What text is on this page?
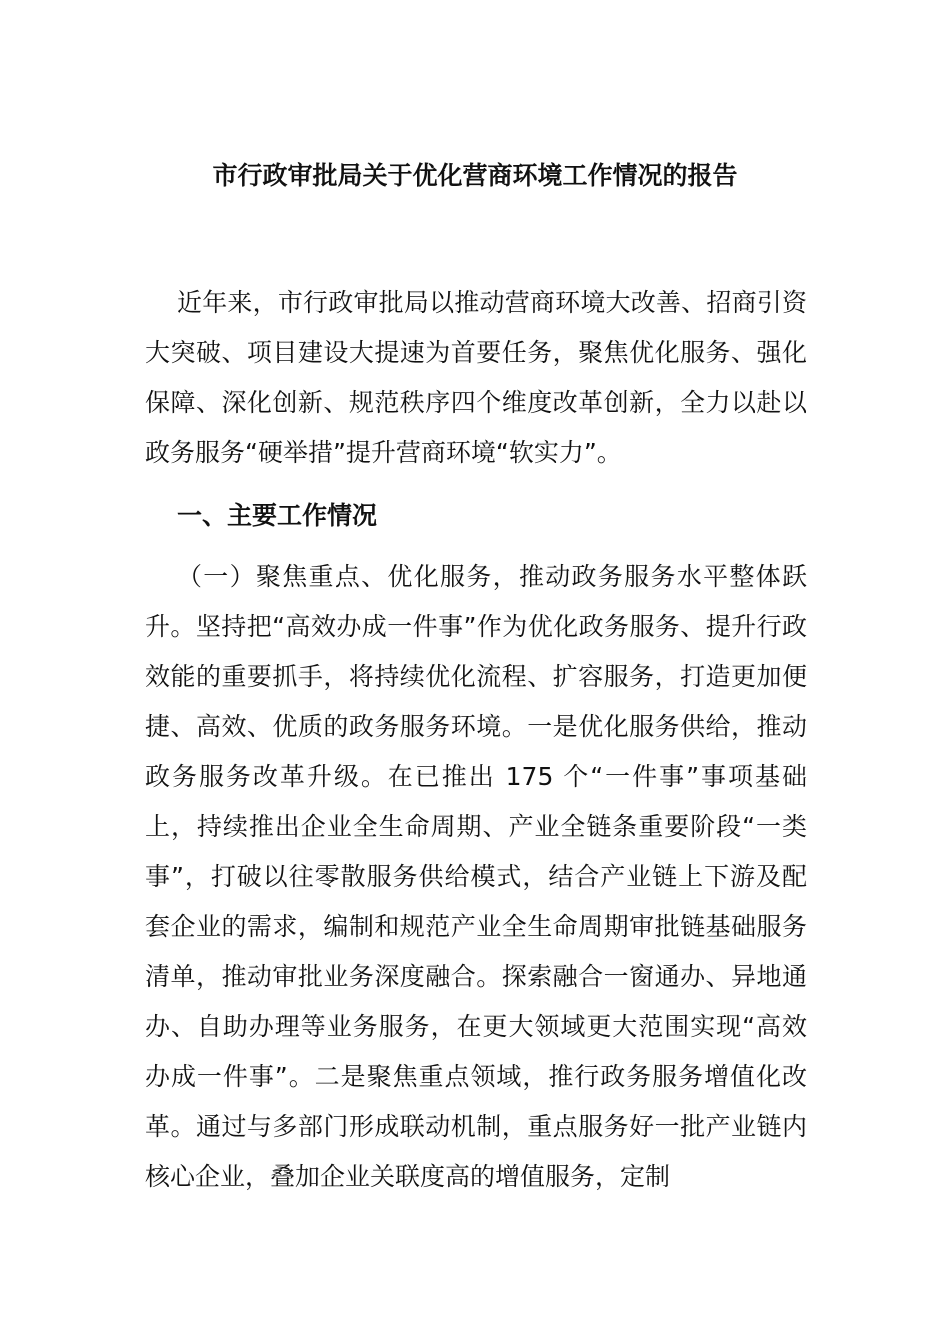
市行政审批局关于优化营商环境工作情况的报告

近年来，市行政审批局以推动营商环境大改善、招商引资大突破、项目建设大提速为首要任务，聚焦优化服务、强化保障、深化创新、规范秩序四个维度改革创新，全力以赴以政务服务“硬举措”提升营商环境“软实力”。

一、主要工作情况

（一）聚焦重点、优化服务，推动政务服务水平整体跃升。坚持把“高效办成一件事”作为优化政务服务、提升行政效能的重要抓手，将持续优化流程、扩容服务，打造更加便捷、高效、优质的政务服务环境。一是优化服务供给，推动政务服务改革升级。在已推出 175 个“一件事”事项基础上，持续推出企业全生命周期、产业全链条重要阶段“一类事”，打破以往零散服务供给模式，结合产业链上下游及配套企业的需求，编制和规范产业全生命周期审批链基础服务清单，推动审批业务深度融合。探索融合一窗通办、异地通办、自助办理等业务服务，在更大领域更大范围实现“高效办成一件事”。二是聚焦重点领域，推行政务服务增值化改革。通过与多部门形成联动机制，重点服务好一批产业链内核心企业，叠加企业关联度高的增值服务，定制
